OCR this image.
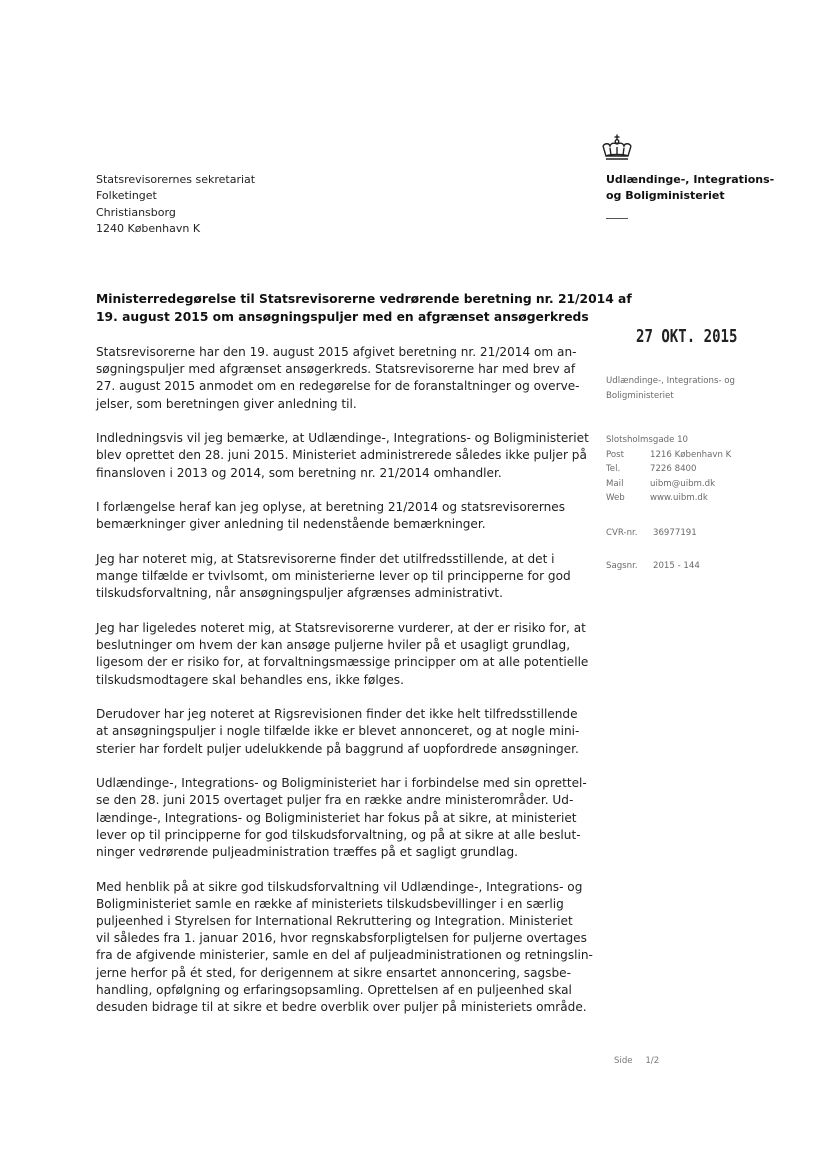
Udlændinge-, Integrations-
og Boligministeriet
Statsrevisorernes sekretariat
Folketinget
Christiansborg
1240 København K
Ministerredegørelse til Statsrevisorerne vedrørende beretning nr. 21/2014 af
19. august 2015 om ansøgningspuljer med en afgrænset ansøgerkreds
27 OKT. 2015
Udlændinge-, Integrations- og
Boligministeriet
Slotsholmsgade 10
Post	1216 København K
Tel.	7226 8400
Mail	uibm@uibm.dk
Web	www.uibm.dk
CVR-nr.	36977191
Sagsnr.	2015 - 144
Statsrevisorerne har den 19. august 2015 afgivet beretning nr. 21/2014 om an-
søgningspuljer med afgrænset ansøgerkreds. Statsrevisorerne har med brev af
27. august 2015 anmodet om en redegørelse for de foranstaltninger og overve-
jelser, som beretningen giver anledning til.
Indledningsvis vil jeg bemærke, at Udlændinge-, Integrations- og Boligministeriet
blev oprettet den 28. juni 2015. Ministeriet administrerede således ikke puljer på
finansloven i 2013 og 2014, som beretning nr. 21/2014 omhandler.
I forlængelse heraf kan jeg oplyse, at beretning 21/2014 og statsrevisorernes
bemærkninger giver anledning til nedenstående bemærkninger.
Jeg har noteret mig, at Statsrevisorerne finder det utilfredsstillende, at det i
mange tilfælde er tvivlsomt, om ministerierne lever op til principperne for god
tilskudsforvaltning, når ansøgningspuljer afgrænses administrativt.
Jeg har ligeledes noteret mig, at Statsrevisorerne vurderer, at der er risiko for, at
beslutninger om hvem der kan ansøge puljerne hviler på et usagligt grundlag,
ligesom der er risiko for, at forvaltningsmæssige principper om at alle potentielle
tilskudsmodtagere skal behandles ens, ikke følges.
Derudover har jeg noteret at Rigsrevisionen finder det ikke helt tilfredsstillende
at ansøgningspuljer i nogle tilfælde ikke er blevet annonceret, og at nogle mini-
sterier har fordelt puljer udelukkende på baggrund af uopfordrede ansøgninger.
Udlændinge-, Integrations- og Boligministeriet har i forbindelse med sin oprettel-
se den 28. juni 2015 overtaget puljer fra en række andre ministerområder. Ud-
lændinge-, Integrations- og Boligministeriet har fokus på at sikre, at ministeriet
lever op til principperne for god tilskudsforvaltning, og på at sikre at alle beslut-
ninger vedrørende puljeadministration træffes på et sagligt grundlag.
Med henblik på at sikre god tilskudsforvaltning vil Udlændinge-, Integrations- og
Boligministeriet samle en række af ministeriets tilskudsbevillinger i en særlig
puljeenhed i Styrelsen for International Rekruttering og Integration. Ministeriet
vil således fra 1. januar 2016, hvor regnskabsforpligtelsen for puljerne overtages
fra de afgivende ministerier, samle en del af puljeadministrationen og retningslin-
jerne herfor på ét sted, for derigennem at sikre ensartet annoncering, sagsbe-
handling, opfølgning og erfaringsopsamling. Oprettelsen af en puljeenhed skal
desuden bidrage til at sikre et bedre overblik over puljer på ministeriets område.
Side 1/2
